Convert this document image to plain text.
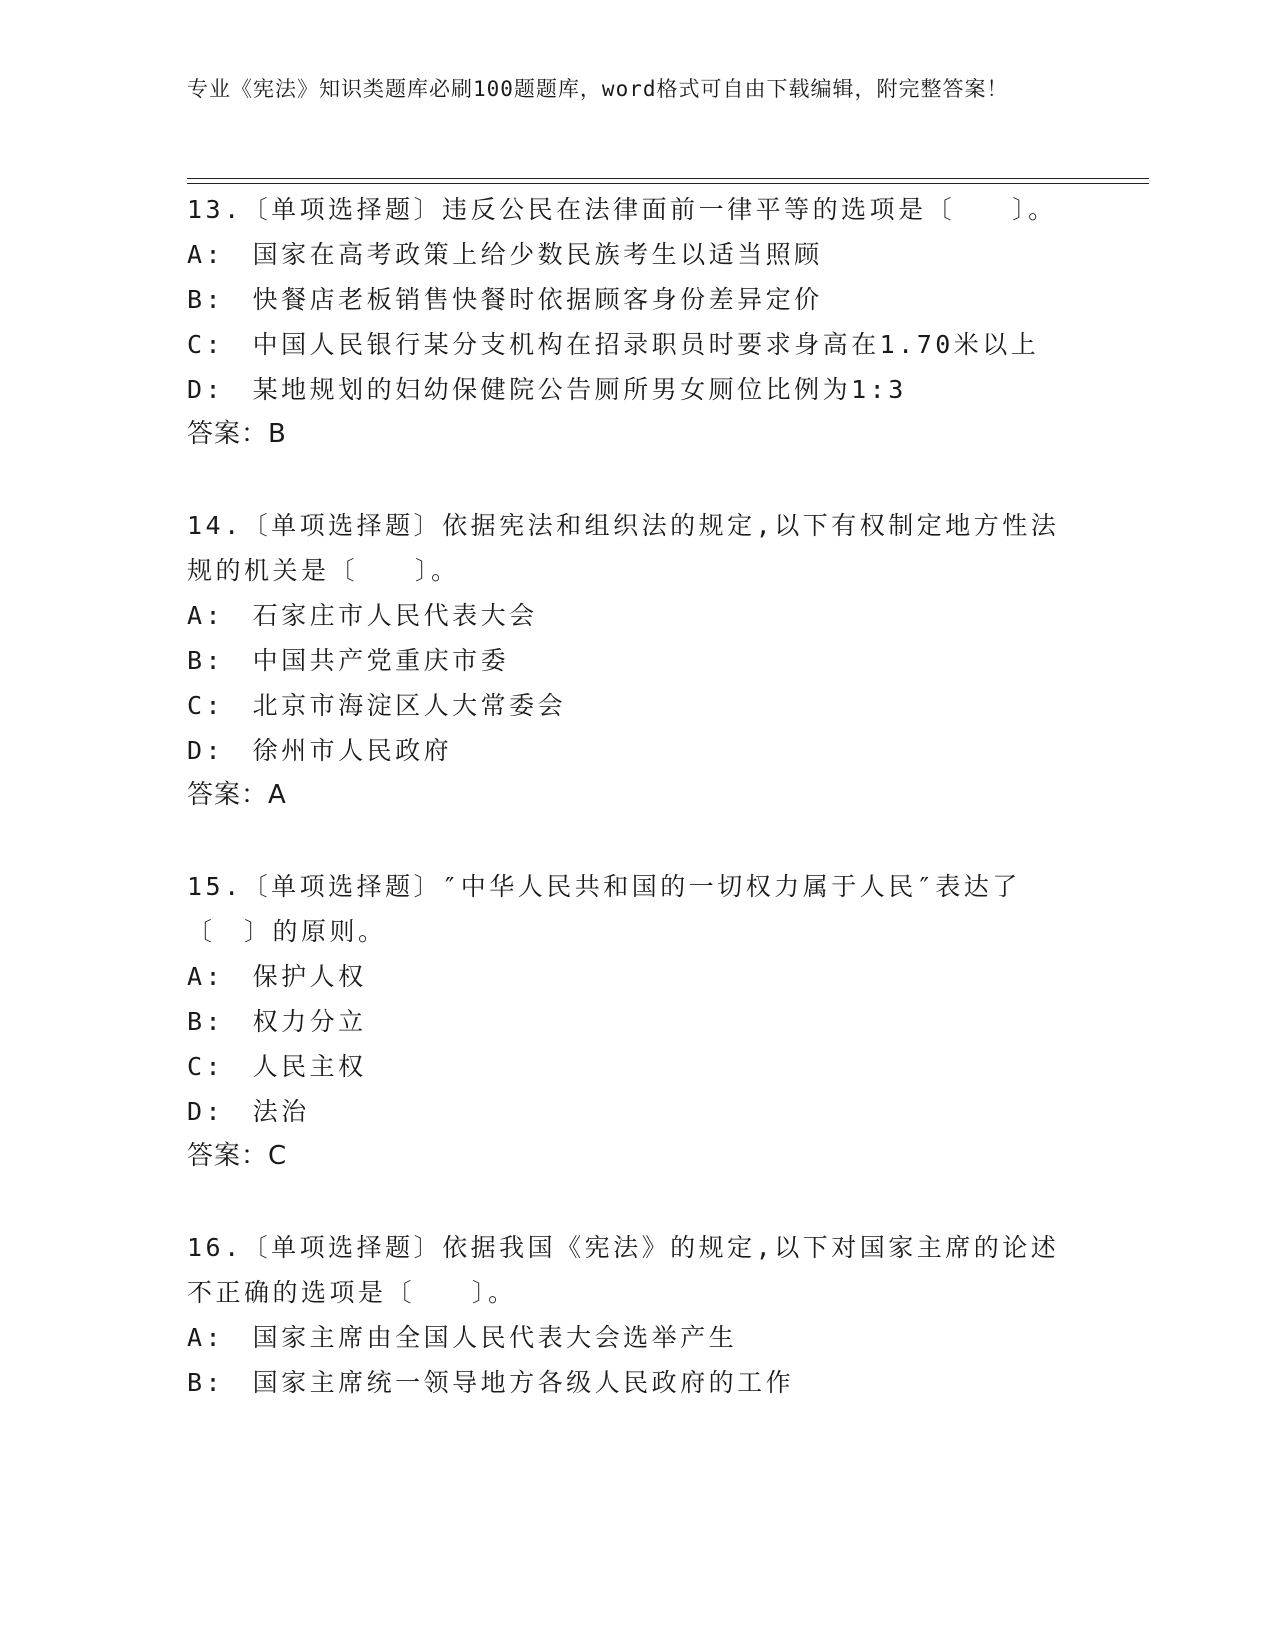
专业《宪法》知识类题库必刷100题题库，word格式可自由下载编辑，附完整答案！
13.〔单项选择题〕违反公民在法律面前一律平等的选项是〔　　〕。
A:　国家在高考政策上给少数民族考生以适当照顾
B:　快餐店老板销售快餐时依据顾客身份差异定价
C:　中国人民银行某分支机构在招录职员时要求身高在1.70米以上
D:　某地规划的妇幼保健院公告厕所男女厕位比例为1:3
答案：B
14.〔单项选择题〕依据宪法和组织法的规定,以下有权制定地方性法规的机关是〔　　〕。
A:　石家庄市人民代表大会
B:　中国共产党重庆市委
C:　北京市海淀区人大常委会
D:　徐州市人民政府
答案：A
15.〔单项选择题〕″中华人民共和国的一切权力属于人民″表达了〔　〕的原则。
A:　保护人权
B:　权力分立
C:　人民主权
D:　法治
答案：C
16.〔单项选择题〕依据我国《宪法》的规定,以下对国家主席的论述不正确的选项是〔　　〕。
A:　国家主席由全国人民代表大会选举产生
B:　国家主席统一领导地方各级人民政府的工作
